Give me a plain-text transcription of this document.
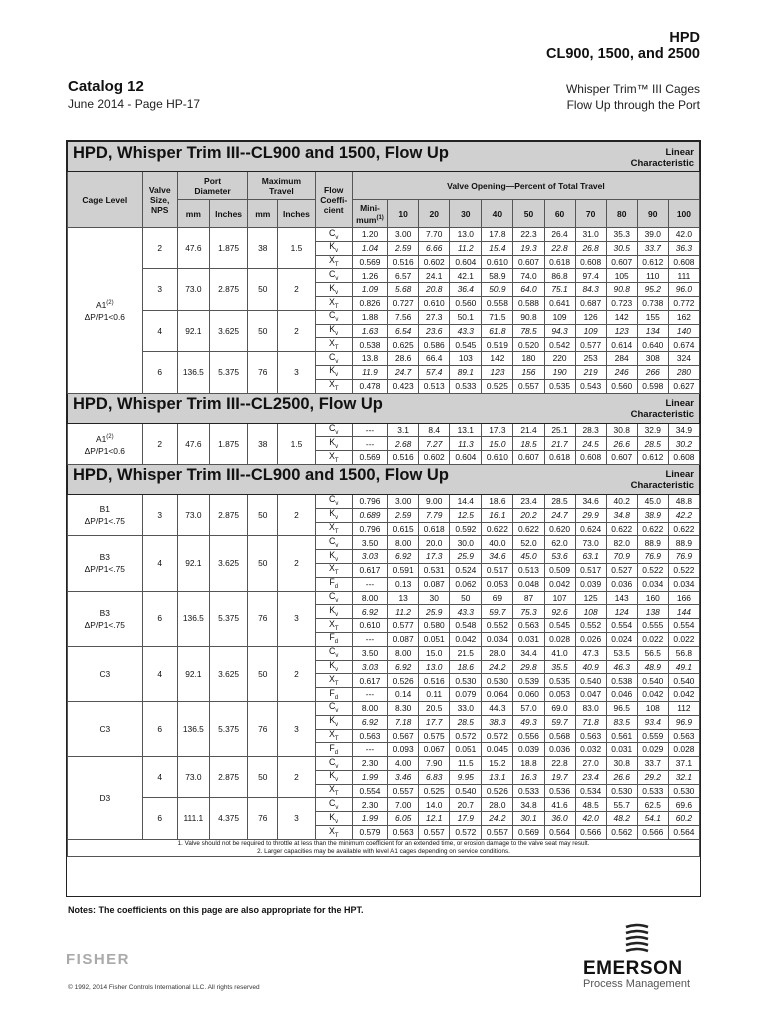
HPD
CL900, 1500, and 2500
Catalog 12
June 2014 - Page HP-17
Whisper Trim™ III Cages
Flow Up through the Port
Linear
Characteristic
HPD, Whisper Trim III--CL900 and 1500, Flow Up																	
Cage Level	Valve
Size,
NPS	Port
Diameter		Maximum
Travel		Flow
Coeffi-
cient	Valve Opening—Percent of Total Travel										
		mm	Inches	mm	Inches		Mini-
mum$^{(1)}$	10	20	30	40	50	60	70	80	90	100

A1$^{(2)}$
ΔP/P1<0.6	2	47.6	1.875	38	1.5	$C_v$	1.20	3.00	7.70	13.0	17.8	22.3	26.4	31.0	35.3	39.0	42.0
						$K_v$	1.04	2.59	6.66	11.2	15.4	19.3	22.8	26.8	30.5	33.7	36.3
						$X_T$	0.569	0.516	0.602	0.604	0.610	0.607	0.618	0.608	0.607	0.612	0.608
	3	73.0	2.875	50	2	$C_v$	1.26	6.57	24.1	42.1	58.9	74.0	86.8	97.4	105	110	111
						$K_v$	1.09	5.68	20.8	36.4	50.9	64.0	75.1	84.3	90.8	95.2	96.0
						$X_T$	0.826	0.727	0.610	0.560	0.558	0.588	0.641	0.687	0.723	0.738	0.772
	4	92.1	3.625	50	2	$C_v$	1.88	7.56	27.3	50.1	71.5	90.8	109	126	142	155	162
						$K_v$	1.63	6.54	23.6	43.3	61.8	78.5	94.3	109	123	134	140
						$X_T$	0.538	0.625	0.586	0.545	0.519	0.520	0.542	0.577	0.614	0.640	0.674
	6	136.5	5.375	76	3	$C_v$	13.8	28.6	66.4	103	142	180	220	253	284	308	324
						$K_v$	11.9	24.7	57.4	89.1	123	156	190	219	246	266	280
						$X_T$	0.478	0.423	0.513	0.533	0.525	0.557	0.535	0.543	0.560	0.598	0.627

Linear
Characteristic
HPD, Whisper Trim III--CL2500, Flow Up																	
A1$^{(2)}$
ΔP/P1<0.6	2	47.6	1.875	38	1.5	$C_v$	---	3.1	8.4	13.1	17.3	21.4	25.1	28.3	30.8	32.9	34.9
						$K_v$	---	2.68	7.27	11.3	15.0	18.5	21.7	24.5	26.6	28.5	30.2
						$X_T$	0.569	0.516	0.602	0.604	0.610	0.607	0.618	0.608	0.607	0.612	0.608

Linear
Characteristic
HPD, Whisper Trim III--CL900 and 1500, Flow Up																	
B1
ΔP/P1<.75	3	73.0	2.875	50	2	$C_v$	0.796	3.00	9.00	14.4	18.6	23.4	28.5	34.6	40.2	45.0	48.8
						$K_v$	0.689	2.59	7.79	12.5	16.1	20.2	24.7	29.9	34.8	38.9	42.2
						$X_T$	0.796	0.615	0.618	0.592	0.622	0.622	0.620	0.624	0.622	0.622	0.622
B3
ΔP/P1<.75	4	92.1	3.625	50	2	$C_v$	3.50	8.00	20.0	30.0	40.0	52.0	62.0	73.0	82.0	88.9	88.9
						$K_v$	3.03	6.92	17.3	25.9	34.6	45.0	53.6	63.1	70.9	76.9	76.9
						$X_T$	0.617	0.591	0.531	0.524	0.517	0.513	0.509	0.517	0.527	0.522	0.522
						$F_d$	---	0.13	0.087	0.062	0.053	0.048	0.042	0.039	0.036	0.034	0.034
B3
ΔP/P1<.75	6	136.5	5.375	76	3	$C_v$	8.00	13	30	50	69	87	107	125	143	160	166
						$K_v$	6.92	11.2	25.9	43.3	59.7	75.3	92.6	108	124	138	144
						$X_T$	0.610	0.577	0.580	0.548	0.552	0.563	0.545	0.552	0.554	0.555	0.554
						$F_d$	---	0.087	0.051	0.042	0.034	0.031	0.028	0.026	0.024	0.022	0.022
C3	4	92.1	3.625	50	2	$C_v$	3.50	8.00	15.0	21.5	28.0	34.4	41.0	47.3	53.5	56.5	56.8
						$K_v$	3.03	6.92	13.0	18.6	24.2	29.8	35.5	40.9	46.3	48.9	49.1
						$X_T$	0.617	0.526	0.516	0.530	0.530	0.539	0.535	0.540	0.538	0.540	0.540
						$F_d$	---	0.14	0.11	0.079	0.064	0.060	0.053	0.047	0.046	0.042	0.042
C3	6	136.5	5.375	76	3	$C_v$	8.00	8.30	20.5	33.0	44.3	57.0	69.0	83.0	96.5	108	112
						$K_v$	6.92	7.18	17.7	28.5	38.3	49.3	59.7	71.8	83.5	93.4	96.9
						$X_T$	0.563	0.567	0.575	0.572	0.572	0.556	0.568	0.563	0.561	0.559	0.563
						$F_d$	---	0.093	0.067	0.051	0.045	0.039	0.036	0.032	0.031	0.029	0.028
D3	4	73.0	2.875	50	2	$C_v$	2.30	4.00	7.90	11.5	15.2	18.8	22.8	27.0	30.8	33.7	37.1
						$K_v$	1.99	3.46	6.83	9.95	13.1	16.3	19.7	23.4	26.6	29.2	32.1
						$X_T$	0.554	0.557	0.525	0.540	0.526	0.533	0.536	0.534	0.530	0.533	0.530
	6	111.1	4.375	76	3	$C_v$	2.30	7.00	14.0	20.7	28.0	34.8	41.6	48.5	55.7	62.5	69.6
						$K_v$	1.99	6.05	12.1	17.9	24.2	30.1	36.0	42.0	48.2	54.1	60.2
						$X_T$	0.579	0.563	0.557	0.572	0.557	0.569	0.564	0.566	0.562	0.566	0.564

1. Valve should not be required to throttle at less than the minimum coefficient for an extended time, or erosion damage to the valve seat may result.
2. Larger capacities may be available with level A1 cages depending on service conditions.																	
Notes: The coefficients on this page are also appropriate for the HPT.
FISHER
© 1992, 2014 Fisher Controls International LLC. All rights reserved
EMERSON
Process Management
